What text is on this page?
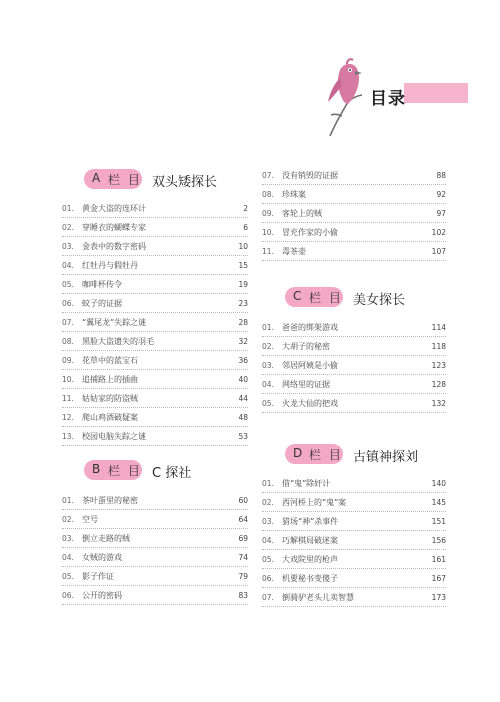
目录
A 栏 目 双头矮探长
01. 黄金大盗的连环计	2
02. 穿睡衣的蝴蝶专家	6
03. 金表中的数字密码	10
04. 红牡丹与假牡丹	15
05. 咖啡杯传令	19
06. 蚊子的证据	23
07. “翼尾龙”失踪之谜	28
08. 黑脸大盗遗失的羽毛	32
09. 花草中的蓝宝石	36
10. 追捕路上的插曲	40
11. 姑姑家的防盗贼	44
12. 爬山鸡酒破疑案	48
13. 校园电脑失踪之谜	53
B 栏 目 C 探社
01. 茶叶蛋里的秘密	60
02. 空号	64
03. 倒立走路的贼	69
04. 女贼的游戏	74
05. 影子作证	79
06. 公开的密码	83
07. 没有销毁的证据	88
08. 珍珠案	92
09. 客轮上的贼	97
10. 冒充作家的小偷	102
11. 毒茶壶	107
C 栏 目 美女探长
01. 爸爸的绑架游戏	114
02. 大胡子的秘密	118
03. 邻居阿姨是小偷	123
04. 网络里的证据	128
05. 火龙大仙的把戏	132
D 栏 目 古镇神探刘
01. 借“鬼”除奸计	140
02. 西河桥上的“鬼”案	145
03. 猎场“神”杀事件	151
04. 巧解棋局破迷案	156
05. 大戏院里的枪声	161
06. 机要秘书变傻子	167
07. 倒骑驴老头儿卖智慧	173
